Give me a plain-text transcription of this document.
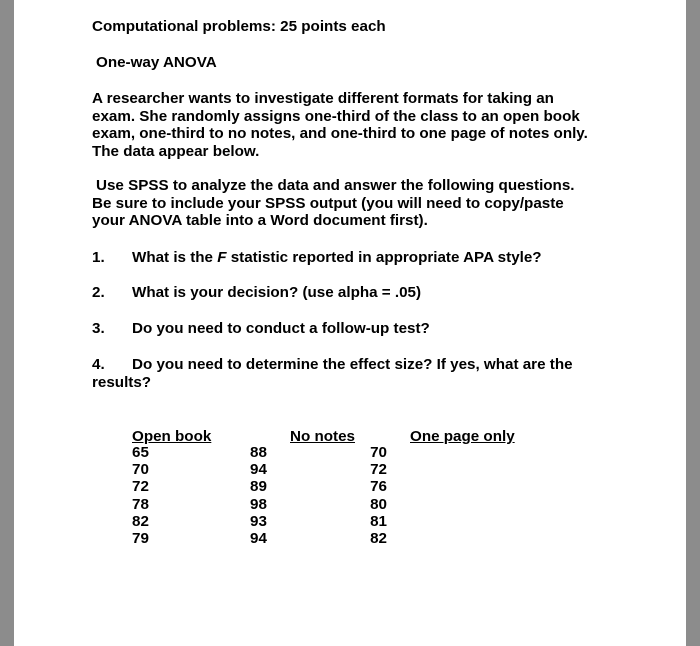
Computational problems: 25 points each
One-way ANOVA
A researcher wants to investigate different formats for taking an
exam. She randomly assigns one-third of the class to an open book
exam, one-third to no notes, and one-third to one page of notes only.
The data appear below.
Use SPSS to analyze the data and answer the following questions.
Be sure to include your SPSS output (you will need to copy/paste
your ANOVA table into a Word document first).
1. What is the F statistic reported in appropriate APA style?
2. What is your decision? (use alpha = .05)
3. Do you need to conduct a follow-up test?
4. Do you need to determine the effect size? If yes, what are the
results?
Open book	No notes	One page only
65
70
72
78
82
79
88
94
89
98
93
94
70
72
76
80
81
82
